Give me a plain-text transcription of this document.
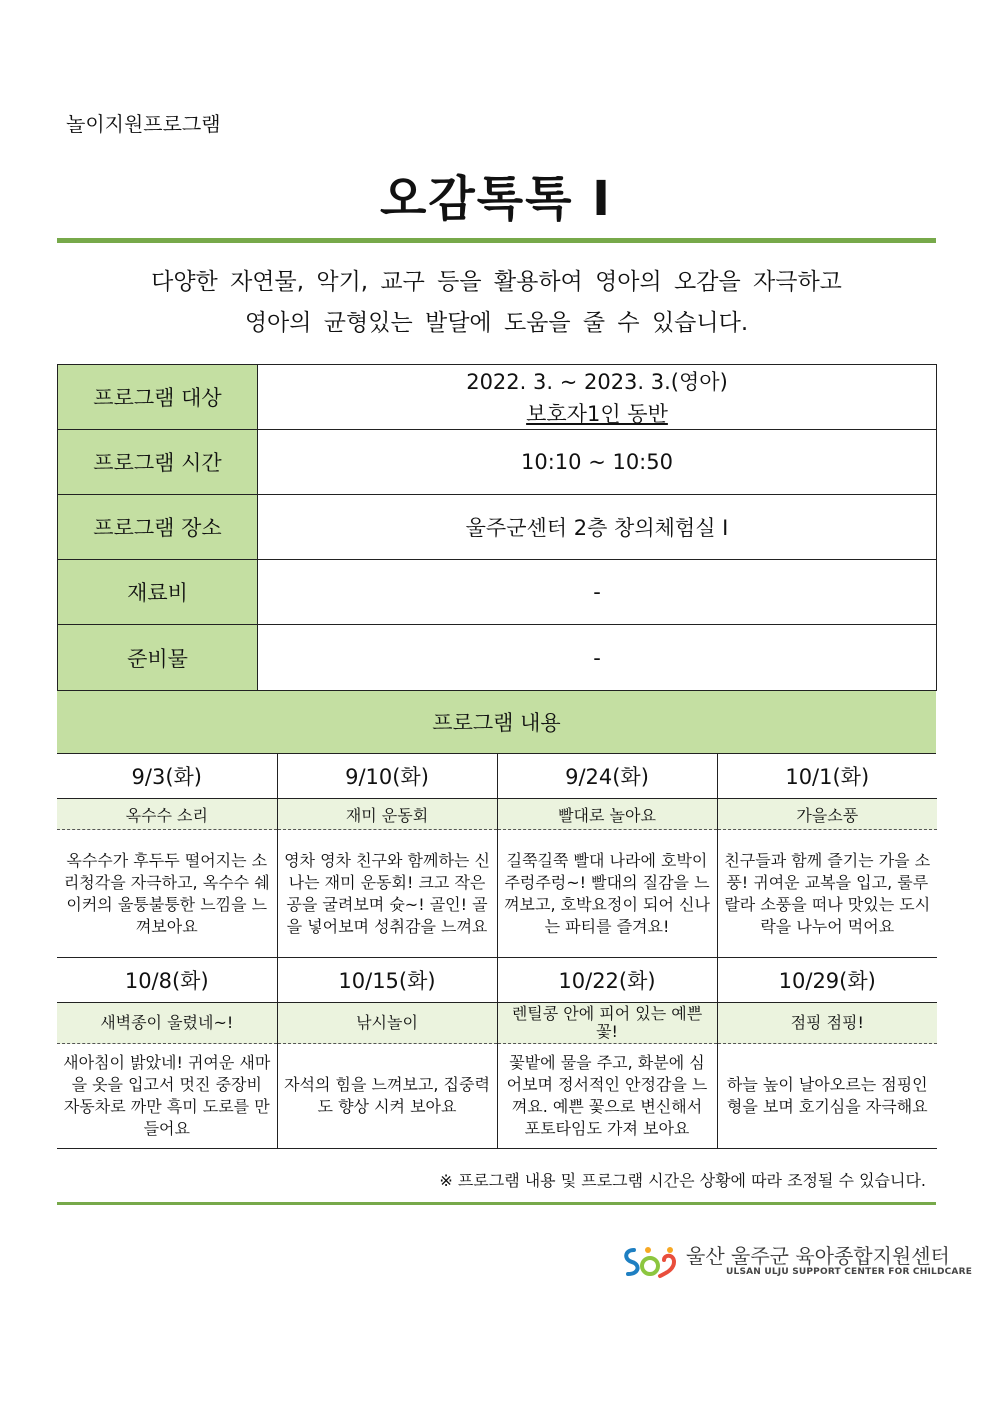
놀이지원프로그램
오감톡톡 I
다양한 자연물, 악기, 교구 등을 활용하여 영아의 오감을 자극하고
영아의 균형있는 발달에 도움을 줄 수 있습니다.
프로그램 대상	2022. 3. ~ 2023. 3.(영아)
보호자1인 동반

프로그램 시간	10:10 ~ 10:50
프로그램 장소	울주군센터 2층 창의체험실 I
재료비	-
준비물	-
프로그램 내용
9/3(화)	9/10(화)	9/24(화)	10/1(화)
옥수수 소리	재미 운동회	빨대로 놀아요	가을소풍
옥수수가 후두두 떨어지는 소리청각을 자극하고, 옥수수 쉐이커의 울퉁불퉁한 느낌을 느껴보아요	영차 영차 친구와 함께하는 신나는 재미 운동회! 크고 작은 공을 굴려보며 슛~! 골인! 골을 넣어보며 성취감을 느껴요	길쭉길쭉 빨대 나라에 호박이 주렁주렁~! 빨대의 질감을 느껴보고, 호박요정이 되어 신나는 파티를 즐겨요!	친구들과 함께 즐기는 가을 소풍! 귀여운 교복을 입고, 룰루랄라 소풍을 떠나 맛있는 도시락을 나누어 먹어요
10/8(화)	10/15(화)	10/22(화)	10/29(화)
새벽종이 울렸네~!	낚시놀이	렌틸콩 안에 피어 있는 예쁜 꽃!	점핑 점핑!
새아침이 밝았네! 귀여운 새마을 옷을 입고서 멋진 중장비 자동차로 까만 흑미 도로를 만들어요	자석의 힘을 느껴보고, 집중력도 향상 시켜 보아요	꽃밭에 물을 주고, 화분에 심어보며 정서적인 안정감을 느껴요. 예쁜 꽃으로 변신해서 포토타임도 가져 보아요	하늘 높이 날아오르는 점핑인형을 보며 호기심을 자극해요
※ 프로그램 내용 및 프로그램 시간은 상황에 따라 조정될 수 있습니다.
울산 울주군 육아종합지원센터
ULSAN ULJU SUPPORT CENTER FOR CHILDCARE
